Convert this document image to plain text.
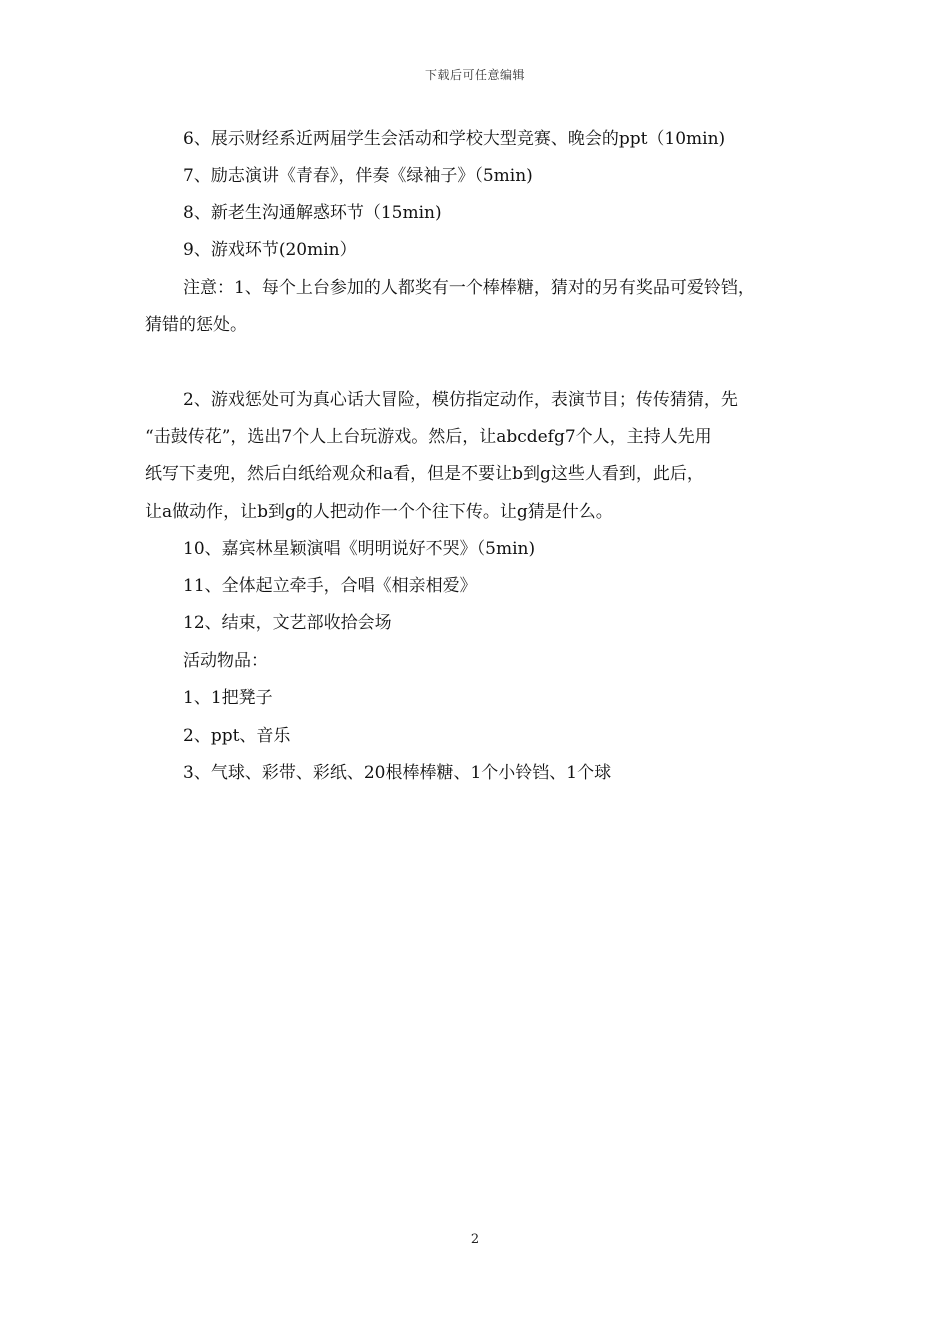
下载后可任意编辑
6、展示财经系近两届学生会活动和学校大型竞赛、晚会的ppt（10min)
7、励志演讲《青春》，伴奏《绿袖子》（5min)
8、新老生沟通解惑环节（15min)
9、游戏环节(20min）
注意：1、每个上台参加的人都奖有一个棒棒糖，猜对的另有奖品可爱铃铛，
猜错的惩处。
2、游戏惩处可为真心话大冒险，模仿指定动作，表演节目；传传猜猜，先
“击鼓传花”，选出7个人上台玩游戏。然后，让abcdefg7个人，主持人先用
纸写下麦兜，然后白纸给观众和a看，但是不要让b到g这些人看到，此后，
让a做动作，让b到g的人把动作一个个往下传。让g猜是什么。
10、嘉宾林星颖演唱《明明说好不哭》（5min)
11、全体起立牵手，合唱《相亲相爱》
12、结束，文艺部收拾会场
活动物品：
1、1把凳子
2、ppt、音乐
3、气球、彩带、彩纸、20根棒棒糖、1个小铃铛、1个球
2
